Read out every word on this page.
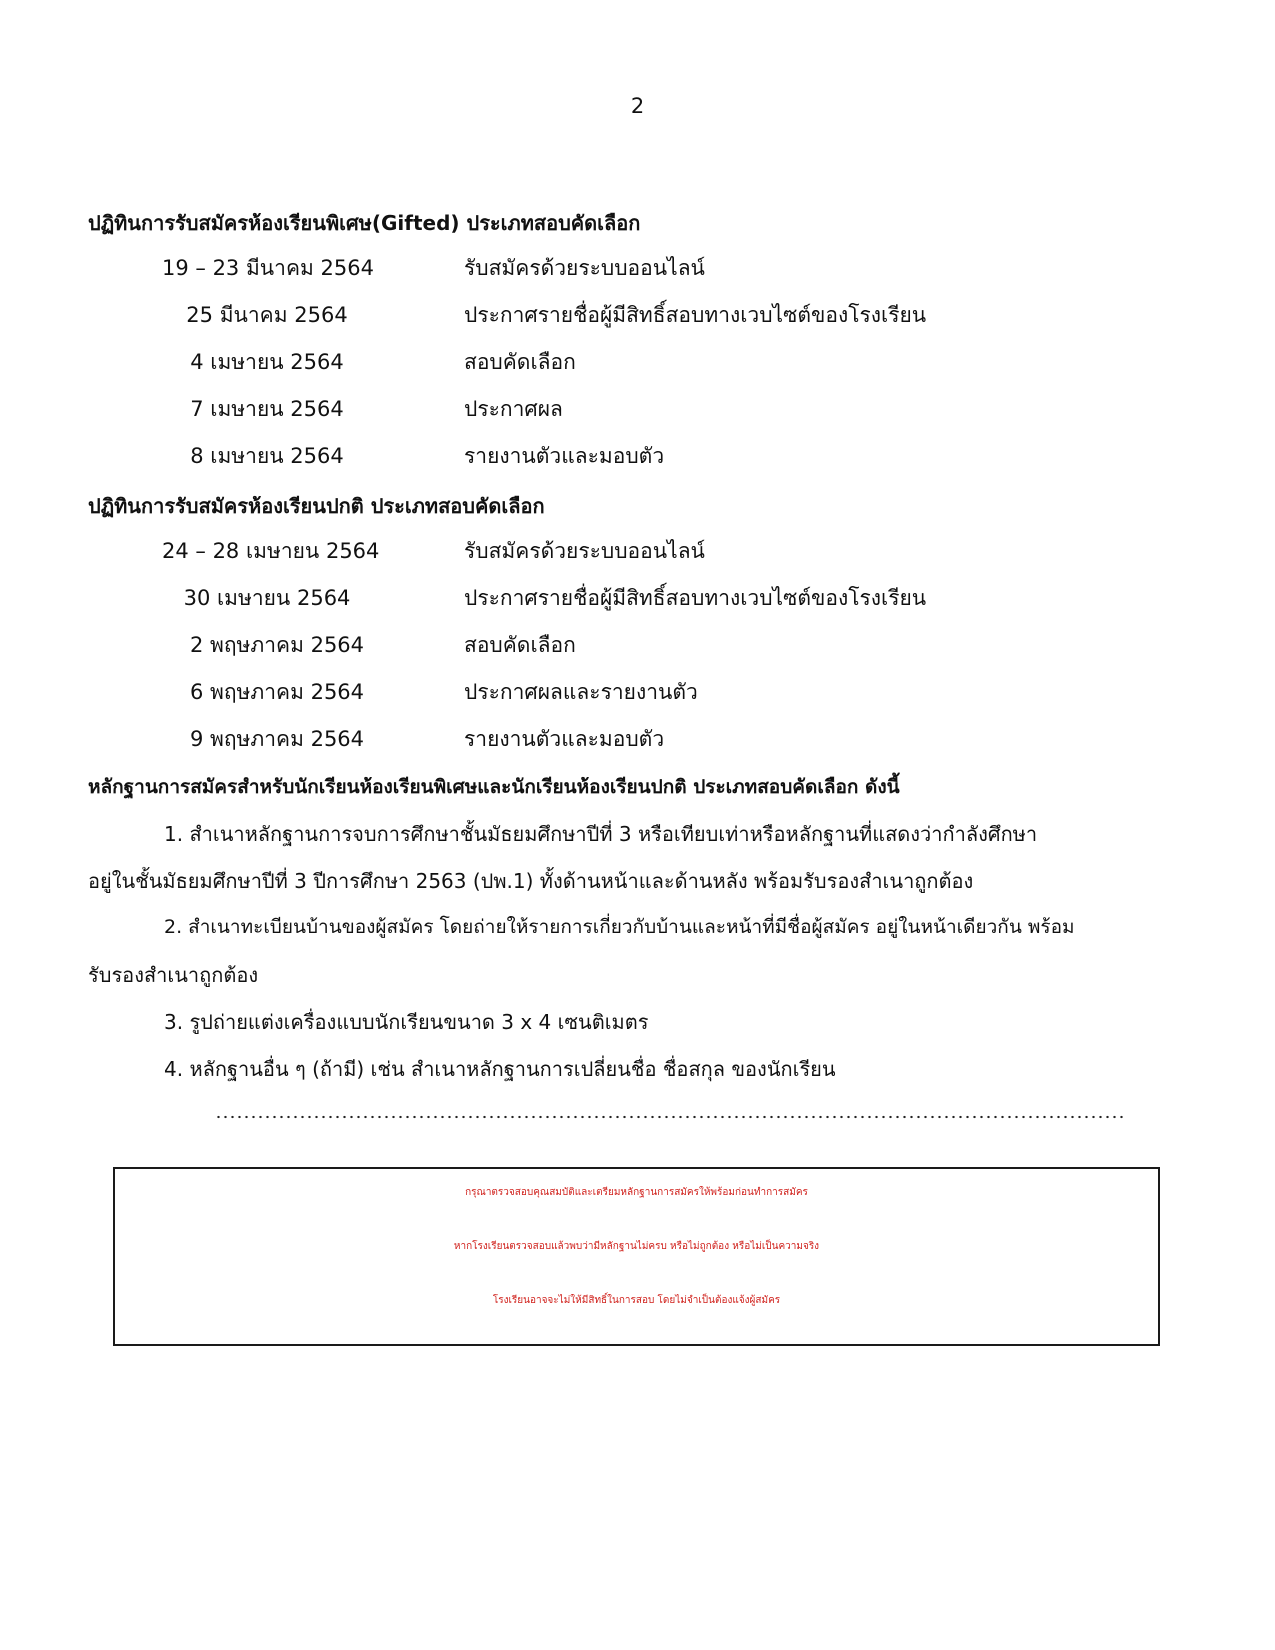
2
ปฏิทินการรับสมัครห้องเรียนพิเศษ(Gifted) ประเภทสอบคัดเลือก
19 – 23 มีนาคม 2564	รับสมัครด้วยระบบออนไลน์
25 มีนาคม 2564	ประกาศรายชื่อผู้มีสิทธิ์สอบทางเวบไซต์ของโรงเรียน
4 เมษายน 2564	สอบคัดเลือก
7 เมษายน 2564	ประกาศผล
8 เมษายน 2564	รายงานตัวและมอบตัว
ปฏิทินการรับสมัครห้องเรียนปกติ ประเภทสอบคัดเลือก
24 – 28 เมษายน 2564	รับสมัครด้วยระบบออนไลน์
30 เมษายน 2564	ประกาศรายชื่อผู้มีสิทธิ์สอบทางเวบไซต์ของโรงเรียน
2 พฤษภาคม 2564	สอบคัดเลือก
6 พฤษภาคม 2564	ประกาศผลและรายงานตัว
9 พฤษภาคม 2564	รายงานตัวและมอบตัว
หลักฐานการสมัครสำหรับนักเรียนห้องเรียนพิเศษและนักเรียนห้องเรียนปกติ ประเภทสอบคัดเลือก ดังนี้
1. สำเนาหลักฐานการจบการศึกษาชั้นมัธยมศึกษาปีที่ 3 หรือเทียบเท่าหรือหลักฐานที่แสดงว่ากำลังศึกษา
อยู่ในชั้นมัธยมศึกษาปีที่ 3 ปีการศึกษา 2563 (ปพ.1) ทั้งด้านหน้าและด้านหลัง พร้อมรับรองสำเนาถูกต้อง
2. สำเนาทะเบียนบ้านของผู้สมัคร โดยถ่ายให้รายการเกี่ยวกับบ้านและหน้าที่มีชื่อผู้สมัคร อยู่ในหน้าเดียวกัน พร้อม
รับรองสำเนาถูกต้อง
3. รูปถ่ายแต่งเครื่องแบบนักเรียนขนาด 3 x 4 เซนติเมตร
4. หลักฐานอื่น ๆ (ถ้ามี) เช่น สำเนาหลักฐานการเปลี่ยนชื่อ ชื่อสกุล ของนักเรียน
กรุณาตรวจสอบคุณสมบัติและเตรียมหลักฐานการสมัครให้พร้อมก่อนทำการสมัคร
หากโรงเรียนตรวจสอบแล้วพบว่ามีหลักฐานไม่ครบ หรือไม่ถูกต้อง หรือไม่เป็นความจริง
โรงเรียนอาจจะไม่ให้มีสิทธิ์ในการสอบ โดยไม่จำเป็นต้องแจ้งผู้สมัคร
